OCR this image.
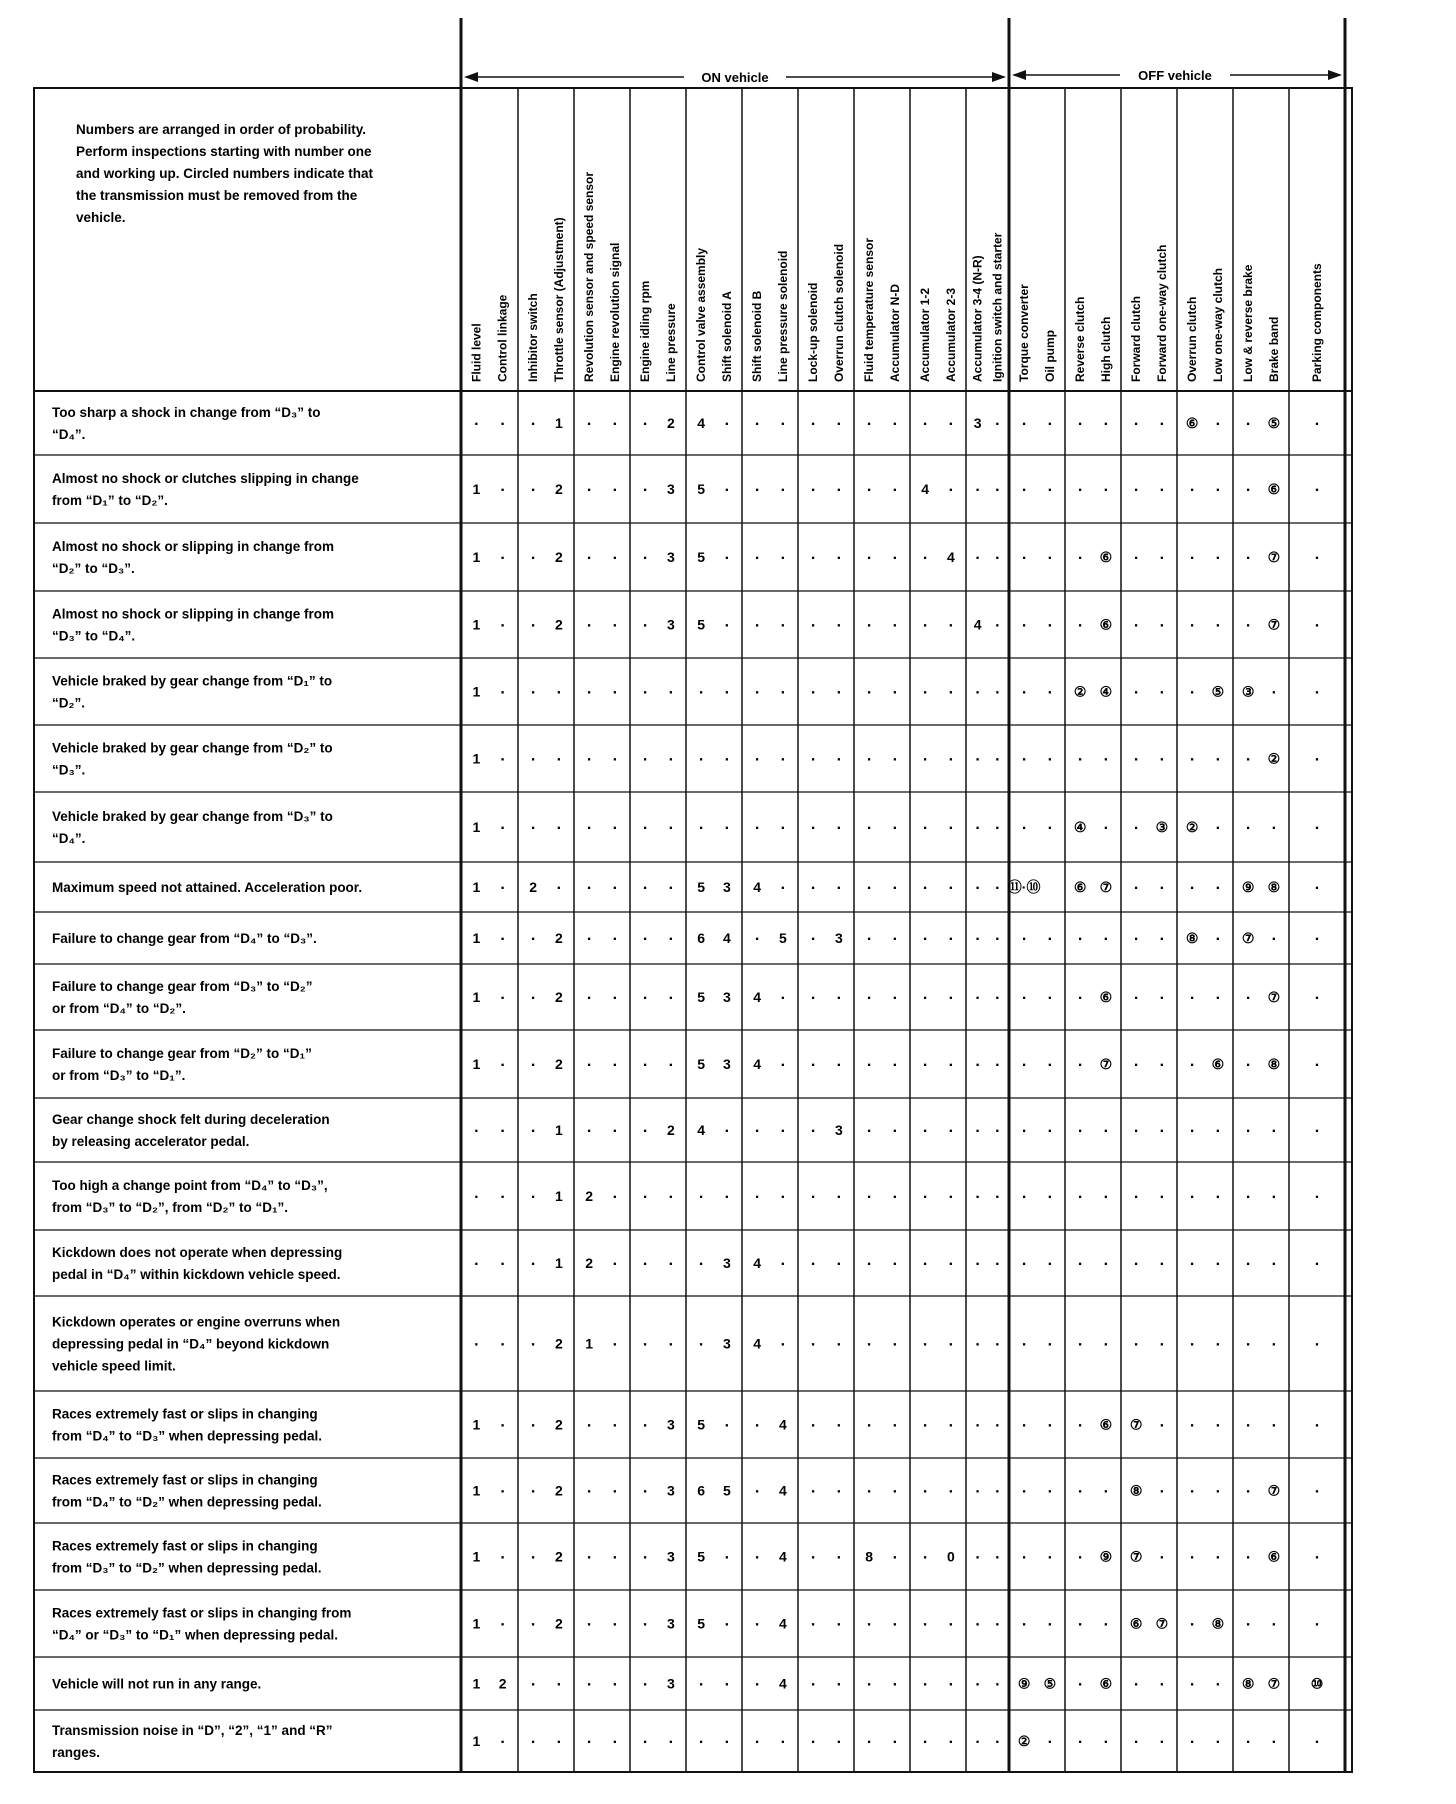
ON vehicle	OFF vehicle
Numbers are arranged in order of probability. Perform inspections starting with number one and working up. Circled numbers indicate that the transmission must be removed from the vehicle.
Fluid level Control linkage Inhibitor switch Throttle sensor (Adjustment) Revolution sensor and speed sensor Engine revolution signal Engine idling rpm Line pressure Control valve assembly Shift solenoid A Shift solenoid B Line pressure solenoid Lock-up solenoid Overrun clutch solenoid Fluid temperature sensor Accumulator N-D Accumulator 1-2 Accumulator 2-3 Accumulator 3-4 (N-R) Ignition switch and starter Torque converter Oil pump Reverse clutch High clutch Forward clutch Forward one-way clutch Overrun clutch Low one-way clutch Low & reverse brake Brake band Parking components
Too sharp a shock in change from “D₃” to “D₄”.
Almost no shock or clutches slipping in change from “D₁” to “D₂”.
Almost no shock or slipping in change from “D₂” to “D₃”.
Almost no shock or slipping in change from “D₃” to “D₄”.
Vehicle braked by gear change from “D₁” to “D₂”.
Vehicle braked by gear change from “D₂” to “D₃”.
Vehicle braked by gear change from “D₃” to “D₄”.
Maximum speed not attained. Acceleration poor.
Failure to change gear from “D₄” to “D₃”.
Failure to change gear from “D₃” to “D₂” or from “D₄” to “D₂”.
Failure to change gear from “D₂” to “D₁” or from “D₃” to “D₁”.
Gear change shock felt during deceleration by releasing accelerator pedal.
Too high a change point from “D₄” to “D₃”, from “D₃” to “D₂”, from “D₂” to “D₁”.
Kickdown does not operate when depressing pedal in “D₄” within kickdown vehicle speed.
Kickdown operates or engine overruns when depressing pedal in “D₄” beyond kickdown vehicle speed limit.
Races extremely fast or slips in changing from “D₄” to “D₃” when depressing pedal.
Races extremely fast or slips in changing from “D₄” to “D₂” when depressing pedal.
Races extremely fast or slips in changing from “D₃” to “D₂” when depressing pedal.
Races extremely fast or slips in changing from “D₄” or “D₃” to “D₁” when depressing pedal.
Vehicle will not run in any range.
Transmission noise in “D”, “2”, “1” and “R” ranges.
. . . 1 . . . 2 4 . . . . . . . . . 3 . . . . . . . ⑥ . . ⑤ .
1 . . 2 . . . 3 5 . . . . . . . 4 . . . . . . . . . . . . ⑥ .
1 . . 2 . . . 3 5 . . . . . . . . 4 . . . . . ⑥ . . . . . ⑦ .
1 . . 2 . . . 3 5 . . . . . . . . . 4 . . . . ⑥ . . . . . ⑦ .
1 . . . . . . . . . . . . . . . . . . . . . ② ④ . . . ⑤ ③ . .
1 . . . . . . . . . . . . . . . . . . . . . . . . . . . . ② .
1 . . . . . . . . . . . . . . . . . . . . . ④ . . ③ ② . . . .
1 . 2 . . . . . 5 3 4 . . . . . . . . . ⑪·⑩ ⑥ ⑦ . . . . ⑨ ⑧ .
1 . . 2 . . . . 6 4 . 5 . 3 . . . . . . . . . . . . ⑧ . ⑦ . .
1 . . 2 . . . . 5 3 4 . . . . . . . . . . . . ⑥ . . . . . ⑦ .
1 . . 2 . . . . 5 3 4 . . . . . . . . . . . . ⑦ . . . ⑥ . ⑧ .
. . . 1 . . . 2 4 . . . . 3 . . . . . . . . . . . . . . . . .
. . . 1 2 . . . . . . . . . . . . . . . . . . . . . . . . . .
. . . 1 2 . . . . 3 4 . . . . . . . . . . . . . . . . . . . .
. . . 2 1 . . . . 3 4 . . . . . . . . . . . . . . . . . . . .
1 . . 2 . . . 3 5 . . 4 . . . . . . . . . . . ⑥ ⑦ . . . . . .
1 . . 2 . . . 3 6 5 . 4 . . . . . . . . . . . . ⑧ . . . . ⑦ .
1 . . 2 . . . 3 5 . . 4 . . 8 . . 0 . . . . . ⑨ ⑦ . . . . ⑥ .
1 . . 2 . . . 3 5 . . 4 . . . . . . . . . . . . ⑥ ⑦ . ⑧ . . .
1 2 . . . . . 3 . . . 4 . . . . . . . . ⑨ ⑤ . ⑥ . . . . ⑧ ⑦ ⑩
1 . . . . . . . . . . . . . . . . . . . ② . . . . . . . . . .
